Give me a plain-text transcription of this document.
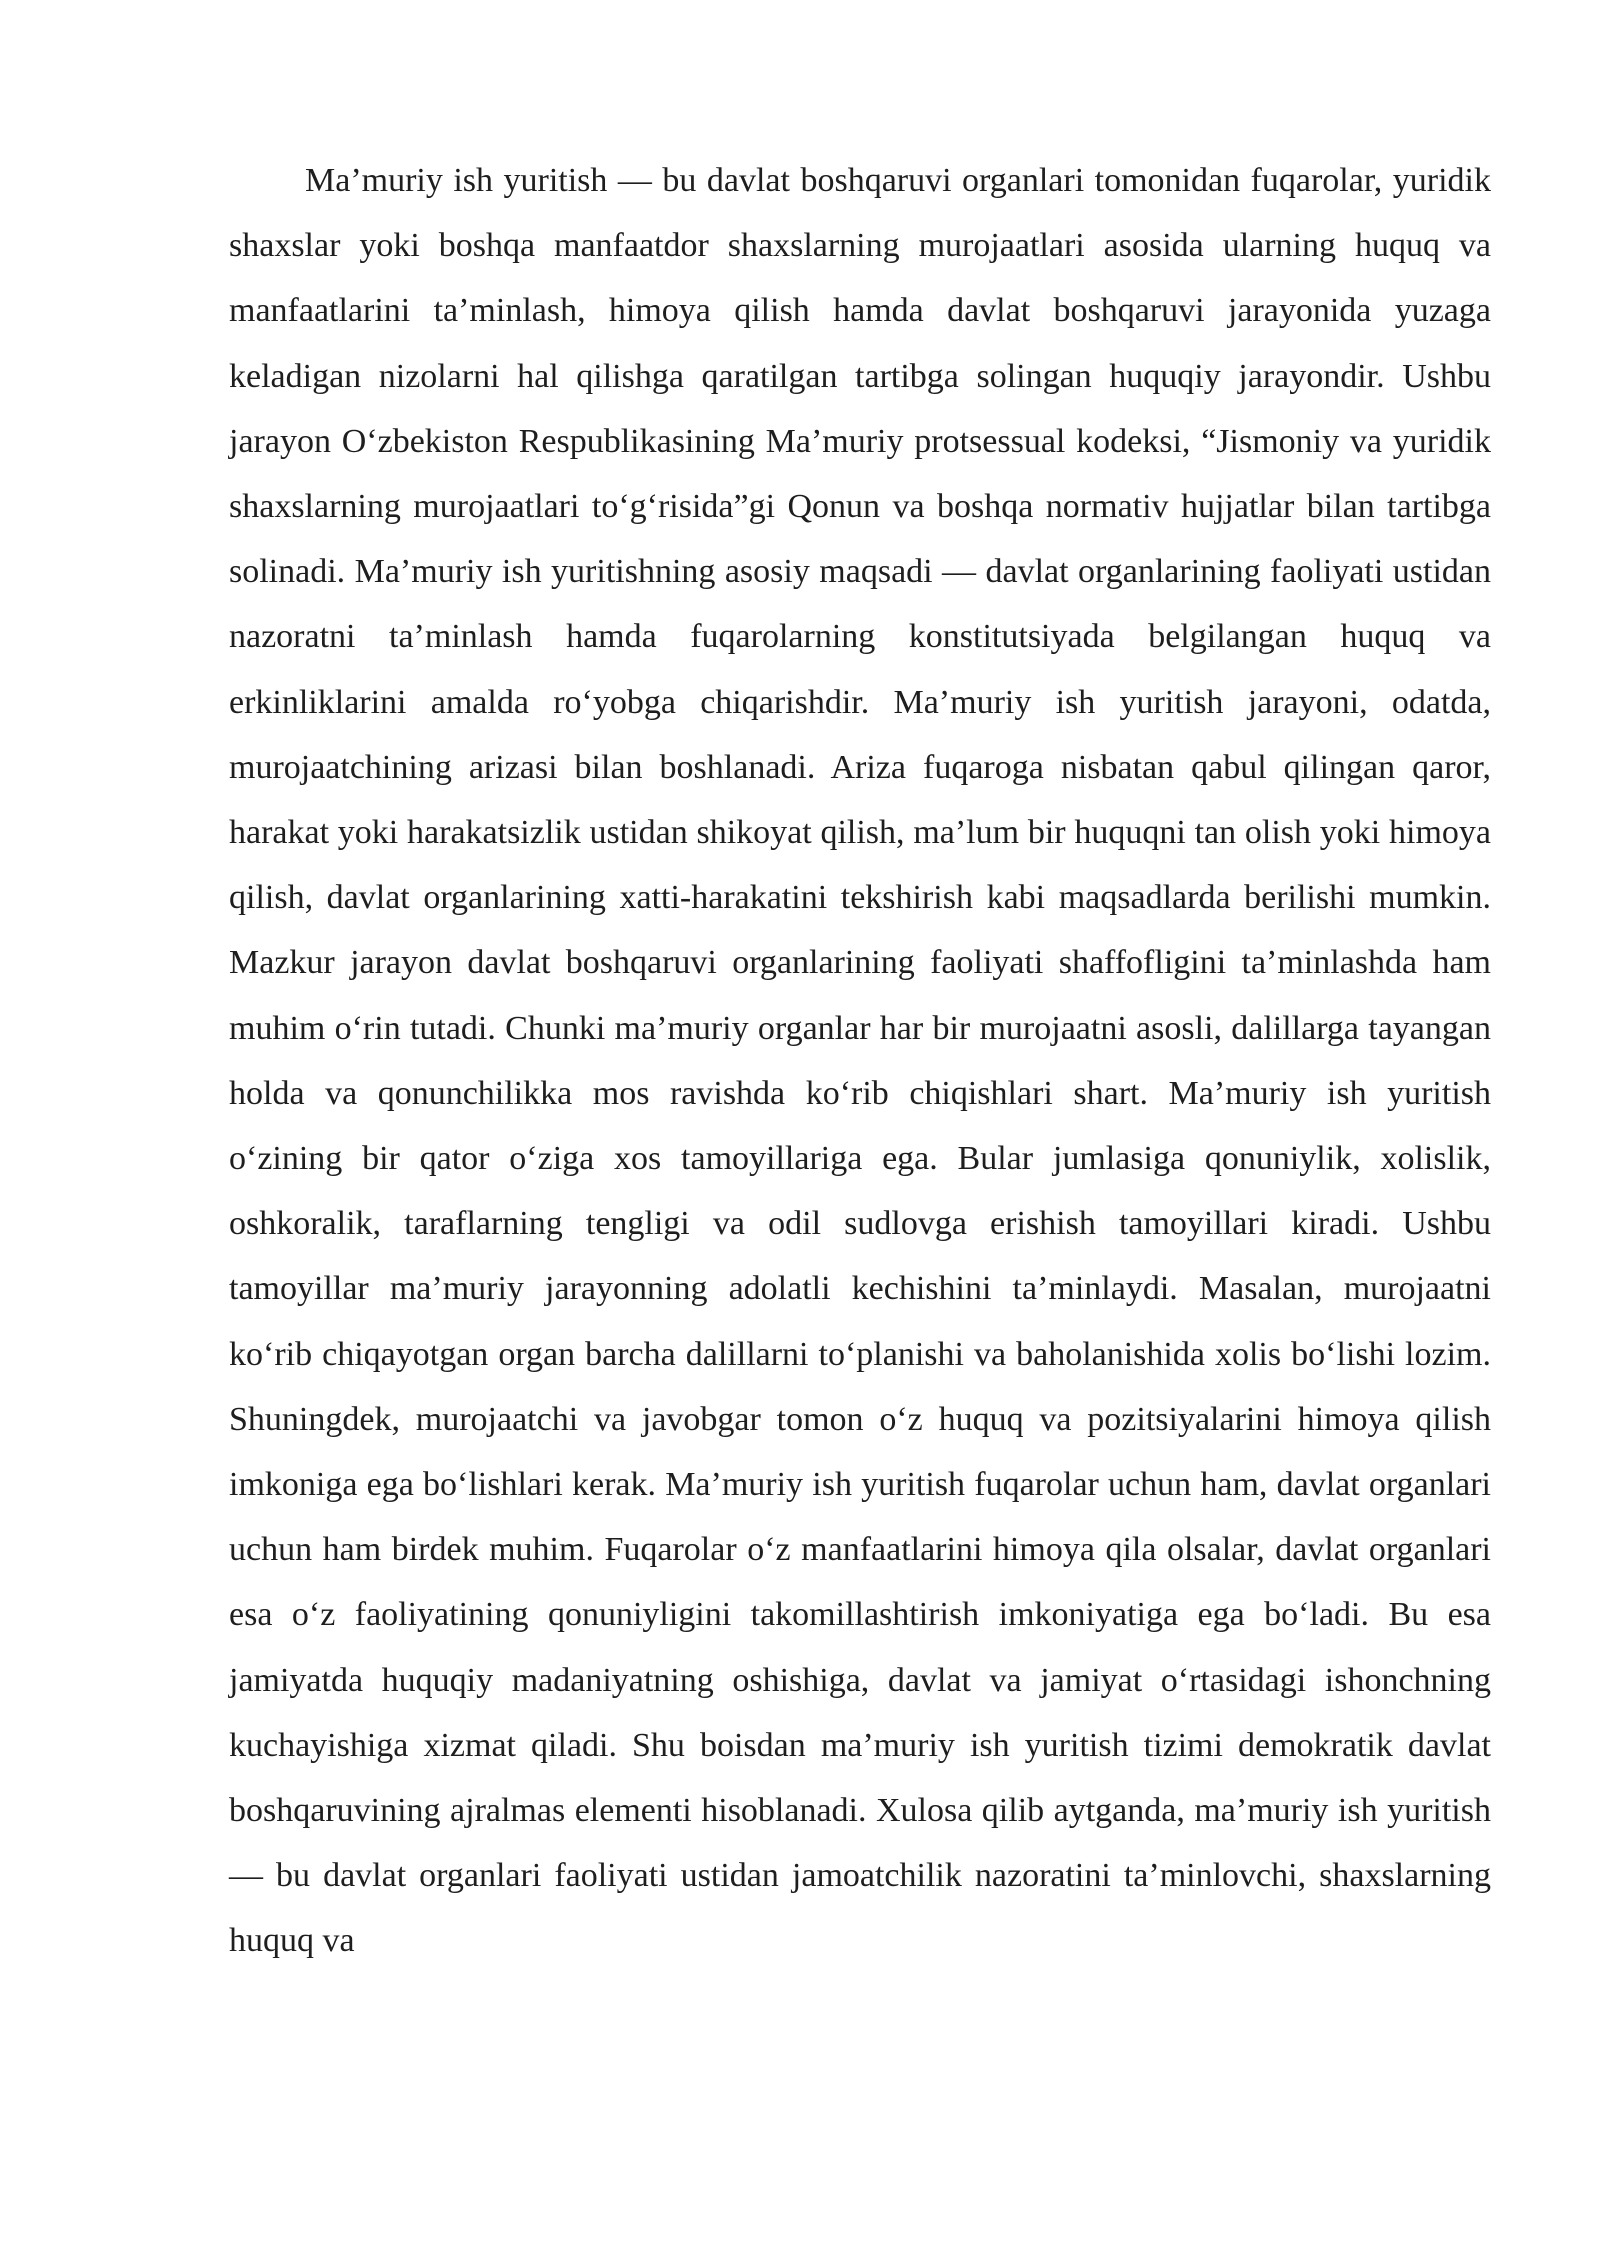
Ma’muriy ish yuritish — bu davlat boshqaruvi organlari tomonidan fuqarolar, yuridik shaxslar yoki boshqa manfaatdor shaxslarning murojaatlari asosida ularning huquq va manfaatlarini ta’minlash, himoya qilish hamda davlat boshqaruvi jarayonida yuzaga keladigan nizolarni hal qilishga qaratilgan tartibga solingan huquqiy jarayondir. Ushbu jarayon O‘zbekiston Respublikasining Ma’muriy protsessual kodeksi, “Jismoniy va yuridik shaxslarning murojaatlari to‘g‘risida”gi Qonun va boshqa normativ hujjatlar bilan tartibga solinadi. Ma’muriy ish yuritishning asosiy maqsadi — davlat organlarining faoliyati ustidan nazoratni ta’minlash hamda fuqarolarning konstitutsiyada belgilangan huquq va erkinliklarini amalda ro‘yobga chiqarishdir. Ma’muriy ish yuritish jarayoni, odatda, murojaatchining arizasi bilan boshlanadi. Ariza fuqaroga nisbatan qabul qilingan qaror, harakat yoki harakatsizlik ustidan shikoyat qilish, ma’lum bir huquqni tan olish yoki himoya qilish, davlat organlarining xatti-harakatini tekshirish kabi maqsadlarda berilishi mumkin. Mazkur jarayon davlat boshqaruvi organlarining faoliyati shaffofligini ta’minlashda ham muhim o‘rin tutadi. Chunki ma’muriy organlar har bir murojaatni asosli, dalillarga tayangan holda va qonunchilikka mos ravishda ko‘rib chiqishlari shart. Ma’muriy ish yuritish o‘zining bir qator o‘ziga xos tamoyillariga ega. Bular jumlasiga qonuniylik, xolislik, oshkoralik, taraflarning tengligi va odil sudlovga erishish tamoyillari kiradi. Ushbu tamoyillar ma’muriy jarayonning adolatli kechishini ta’minlaydi. Masalan, murojaatni ko‘rib chiqayotgan organ barcha dalillarni to‘planishi va baholanishida xolis bo‘lishi lozim. Shuningdek, murojaatchi va javobgar tomon o‘z huquq va pozitsiyalarini himoya qilish imkoniga ega bo‘lishlari kerak. Ma’muriy ish yuritish fuqarolar uchun ham, davlat organlari uchun ham birdek muhim. Fuqarolar o‘z manfaatlarini himoya qila olsalar, davlat organlari esa o‘z faoliyatining qonuniyligini takomillashtirish imkoniyatiga ega bo‘ladi. Bu esa jamiyatda huquqiy madaniyatning oshishiga, davlat va jamiyat o‘rtasidagi ishonchning kuchayishiga xizmat qiladi. Shu boisdan ma’muriy ish yuritish tizimi demokratik davlat boshqaruvining ajralmas elementi hisoblanadi. Xulosa qilib aytganda, ma’muriy ish yuritish — bu davlat organlari faoliyati ustidan jamoatchilik nazoratini ta’minlovchi, shaxslarning huquq va
